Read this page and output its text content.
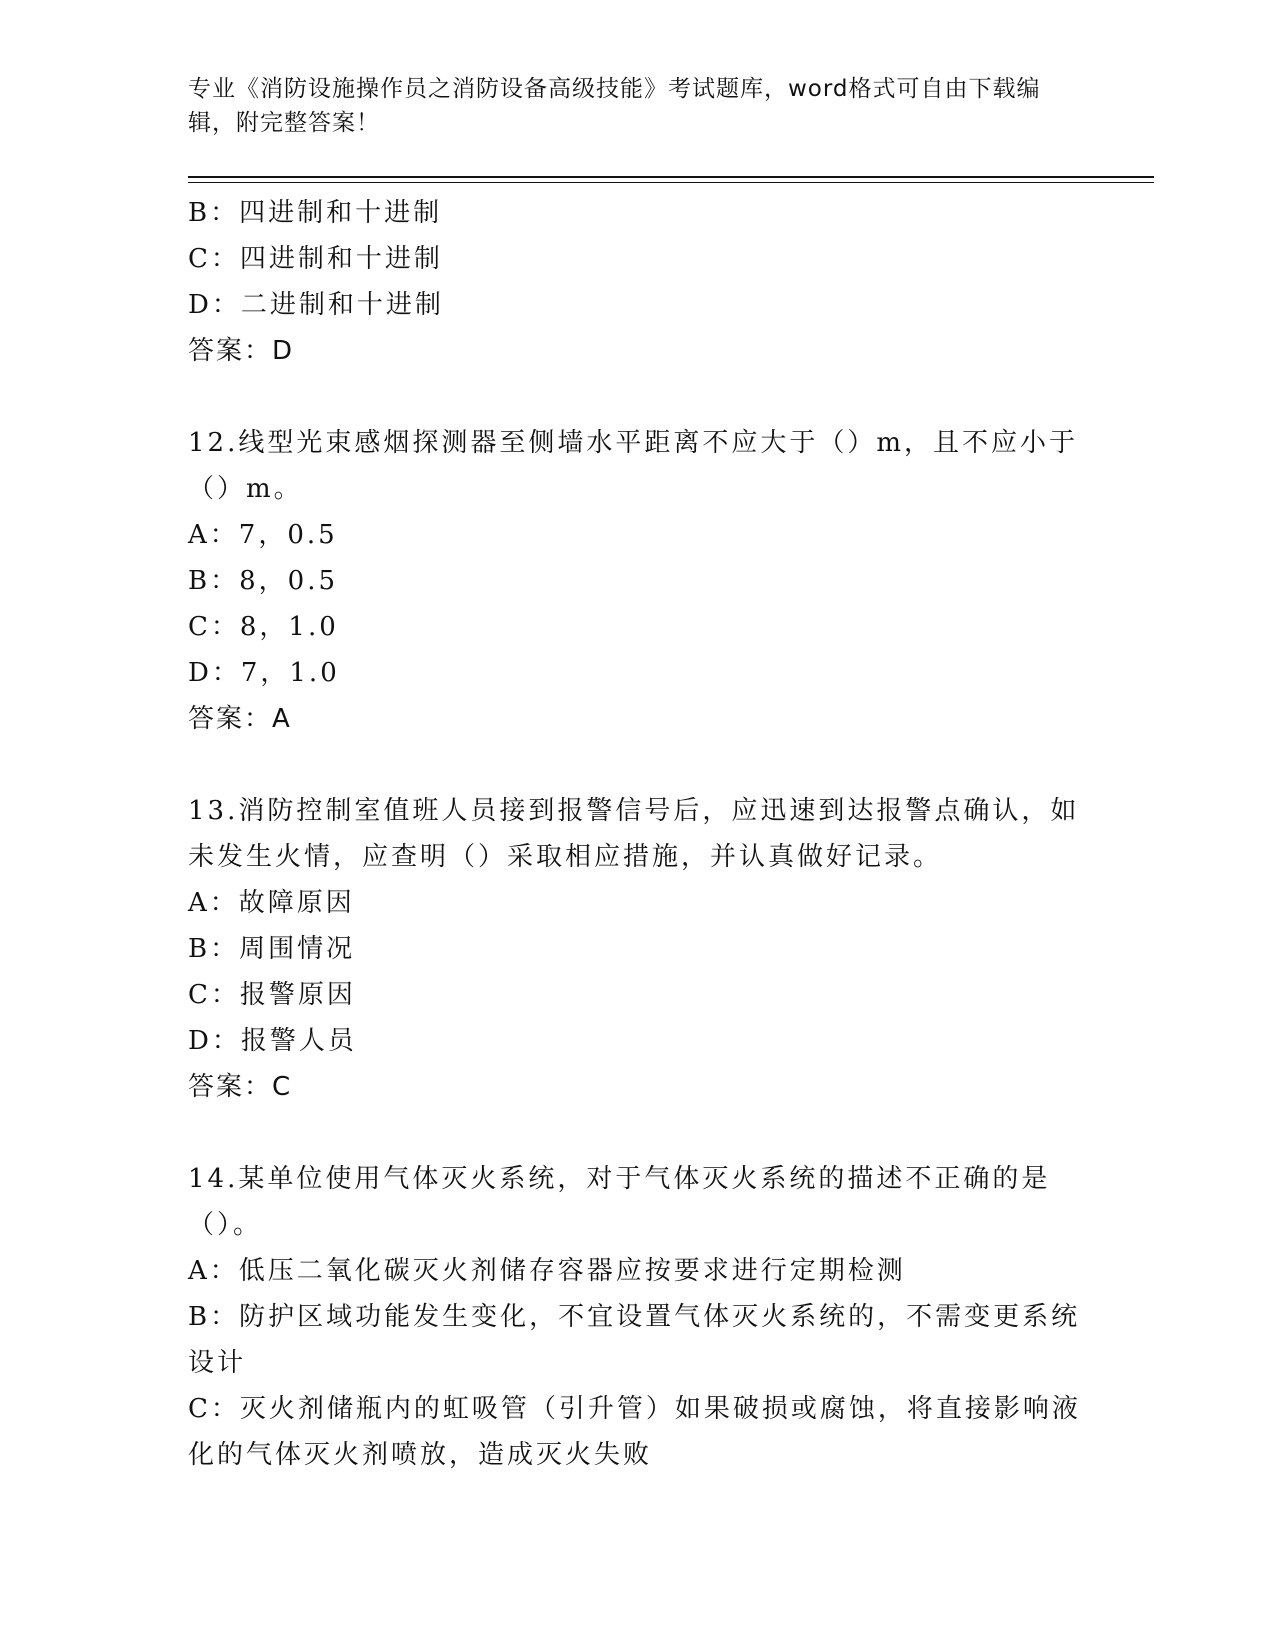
专业《消防设施操作员之消防设备高级技能》考试题库，word格式可自由下载编辑，附完整答案！
B：四进制和十进制
C：四进制和十进制
D：二进制和十进制
答案：D
12.线型光束感烟探测器至侧墙水平距离不应大于（）m，且不应小于（）m。
A：7，0.5
B：8，0.5
C：8，1.0
D：7，1.0
答案：A
13.消防控制室值班人员接到报警信号后，应迅速到达报警点确认，如未发生火情，应查明（）采取相应措施，并认真做好记录。
A：故障原因
B：周围情况
C：报警原因
D：报警人员
答案：C
14.某单位使用气体灭火系统，对于气体灭火系统的描述不正确的是（）。
A：低压二氧化碳灭火剂储存容器应按要求进行定期检测
B：防护区域功能发生变化，不宜设置气体灭火系统的，不需变更系统设计
C：灭火剂储瓶内的虹吸管（引升管）如果破损或腐蚀，将直接影响液化的气体灭火剂喷放，造成灭火失败
